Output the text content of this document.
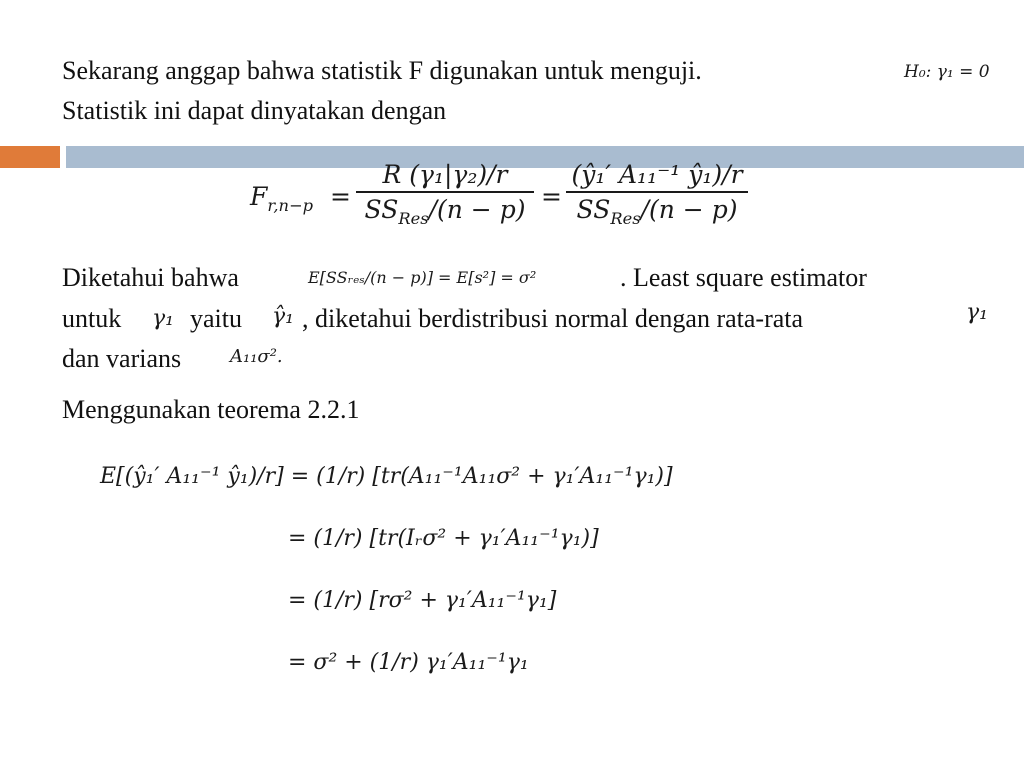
Sekarang anggap bahwa statistik F digunakan untuk menguji.	H₀: γ₁ = 0
Statistik ini dapat dinyatakan dengan
$F_{r,n-p}$ =
R (γ₁|γ₂)/r
$SS_{Res}/(n - p)$ =
(ŷ₁′ A₁₁⁻¹ ŷ₁)/r
$SS_{Res}/(n - p)$
Diketahui bahwa	E[SSᵣₑₛ/(n − p)] = E[s²] = σ²	. Least square estimator
untuk γ₁ yaitu γ̂₁ , diketahui berdistribusi normal dengan rata-rata	γ₁
dan varians	A₁₁σ².
Menggunakan teorema 2.2.1
E[(ŷ₁′ A₁₁⁻¹ ŷ₁)/r] = (1/r) [tr(A₁₁⁻¹A₁₁σ² + γ₁′A₁₁⁻¹γ₁)]
= (1/r) [tr(Iᵣσ² + γ₁′A₁₁⁻¹γ₁)]
= (1/r) [rσ² + γ₁′A₁₁⁻¹γ₁]
= σ² + (1/r) γ₁′A₁₁⁻¹γ₁
